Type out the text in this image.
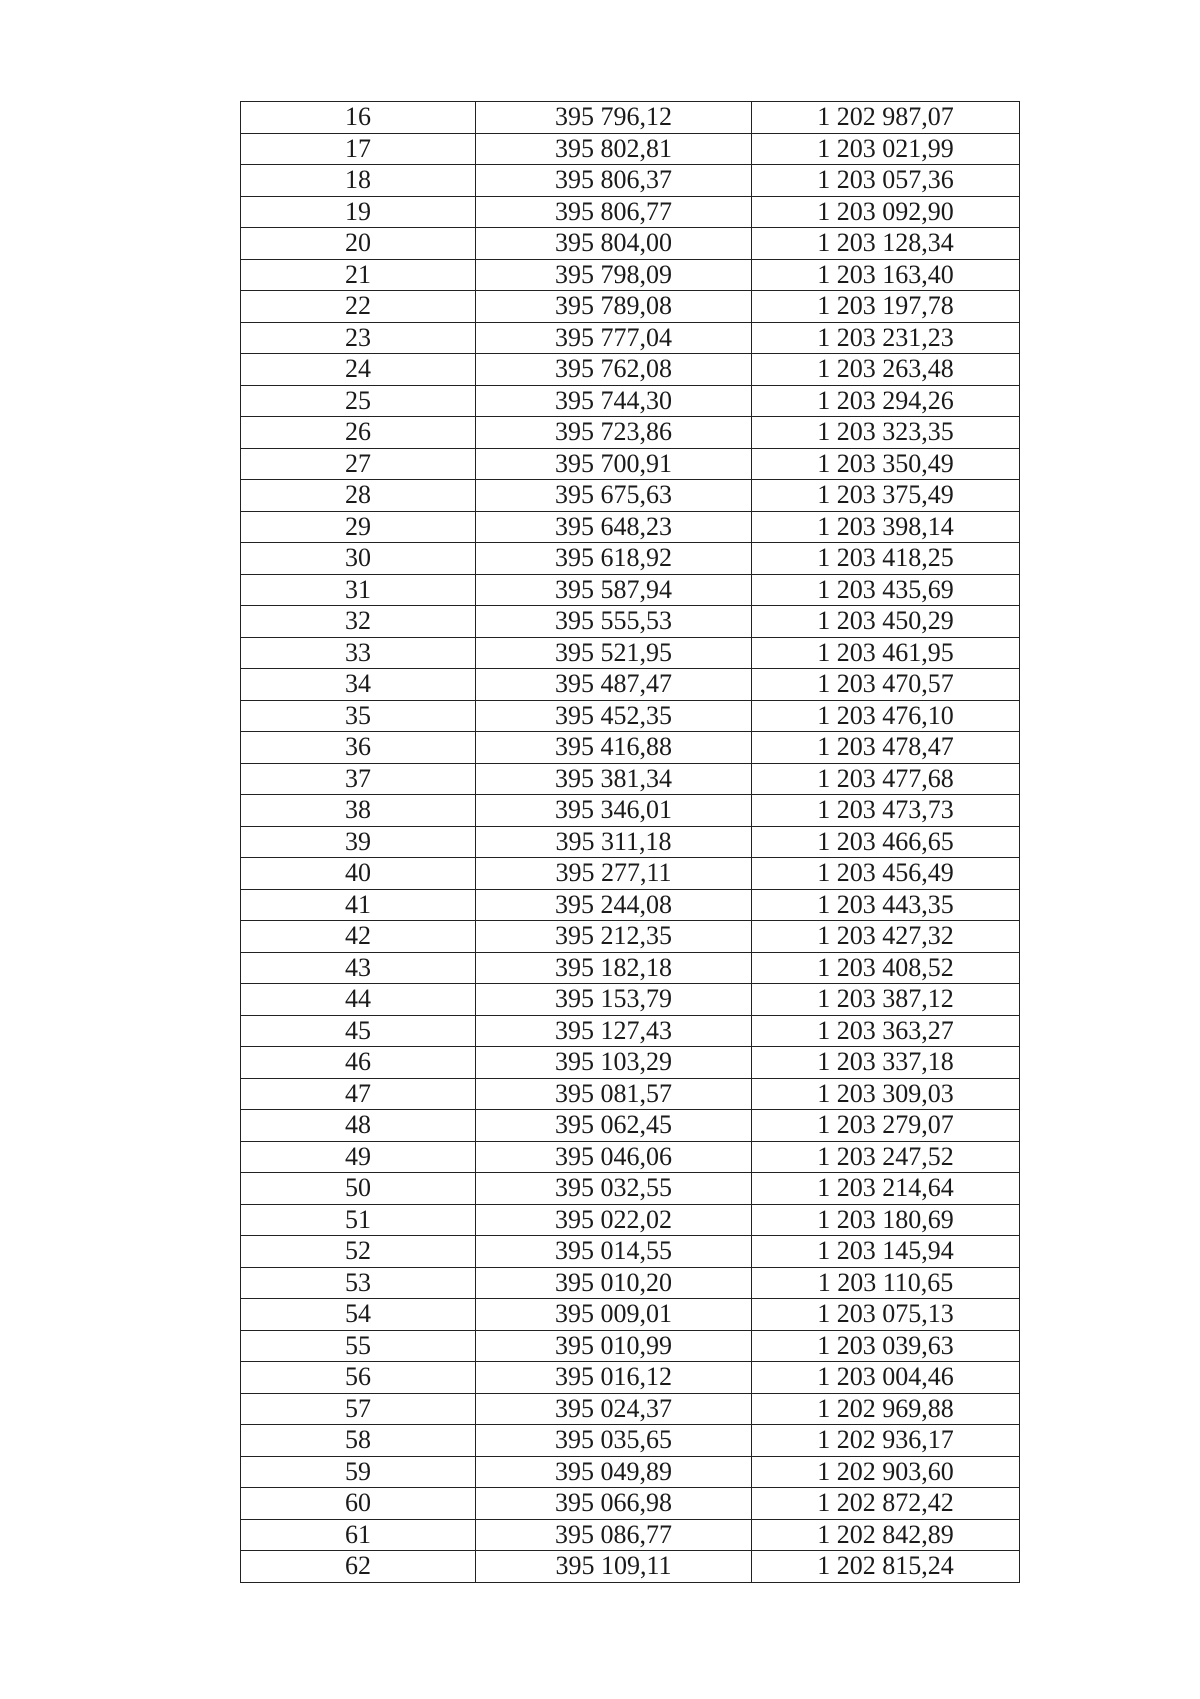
16	395 796,12	1 202 987,07
17	395 802,81	1 203 021,99
18	395 806,37	1 203 057,36
19	395 806,77	1 203 092,90
20	395 804,00	1 203 128,34
21	395 798,09	1 203 163,40
22	395 789,08	1 203 197,78
23	395 777,04	1 203 231,23
24	395 762,08	1 203 263,48
25	395 744,30	1 203 294,26
26	395 723,86	1 203 323,35
27	395 700,91	1 203 350,49
28	395 675,63	1 203 375,49
29	395 648,23	1 203 398,14
30	395 618,92	1 203 418,25
31	395 587,94	1 203 435,69
32	395 555,53	1 203 450,29
33	395 521,95	1 203 461,95
34	395 487,47	1 203 470,57
35	395 452,35	1 203 476,10
36	395 416,88	1 203 478,47
37	395 381,34	1 203 477,68
38	395 346,01	1 203 473,73
39	395 311,18	1 203 466,65
40	395 277,11	1 203 456,49
41	395 244,08	1 203 443,35
42	395 212,35	1 203 427,32
43	395 182,18	1 203 408,52
44	395 153,79	1 203 387,12
45	395 127,43	1 203 363,27
46	395 103,29	1 203 337,18
47	395 081,57	1 203 309,03
48	395 062,45	1 203 279,07
49	395 046,06	1 203 247,52
50	395 032,55	1 203 214,64
51	395 022,02	1 203 180,69
52	395 014,55	1 203 145,94
53	395 010,20	1 203 110,65
54	395 009,01	1 203 075,13
55	395 010,99	1 203 039,63
56	395 016,12	1 203 004,46
57	395 024,37	1 202 969,88
58	395 035,65	1 202 936,17
59	395 049,89	1 202 903,60
60	395 066,98	1 202 872,42
61	395 086,77	1 202 842,89
62	395 109,11	1 202 815,24
